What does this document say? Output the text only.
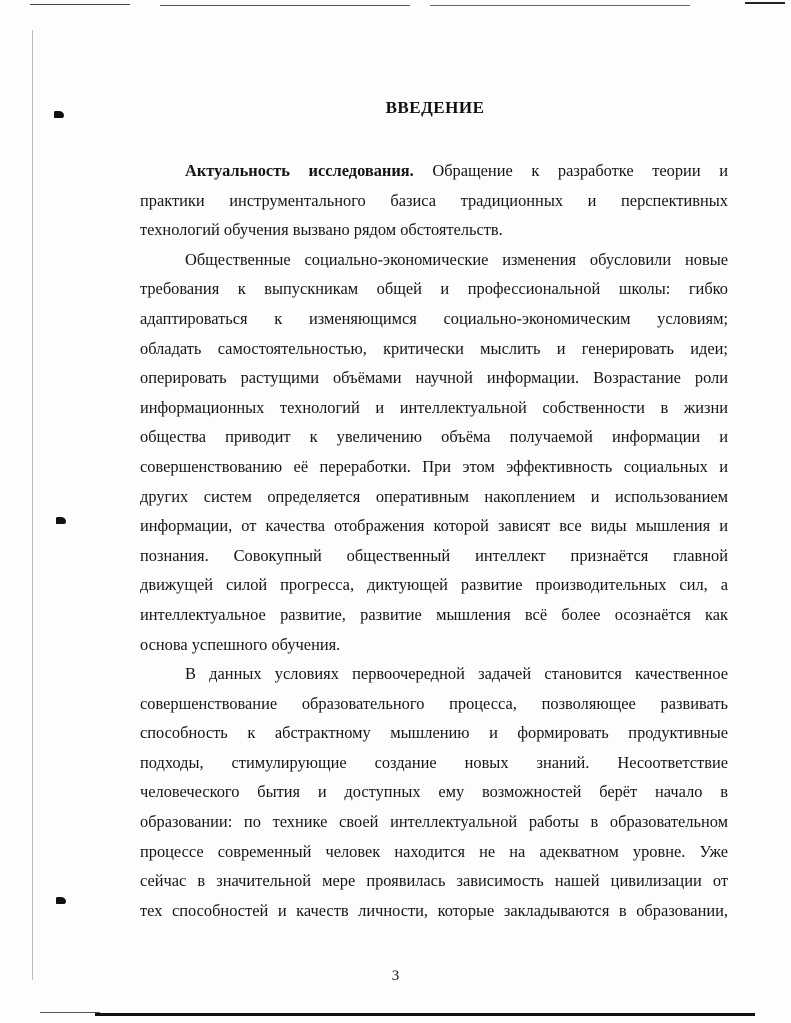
ВВЕДЕНИЕ
Актуальность исследования. Обращение к разработке теории и
практики инструментального базиса традиционных и перспективных
технологий обучения вызвано рядом обстоятельств.
Общественные социально-экономические изменения обусловили новые
требования к выпускникам общей и профессиональной школы: гибко
адаптироваться к изменяющимся социально-экономическим условиям;
обладать самостоятельностью, критически мыслить и генерировать идеи;
оперировать растущими объёмами научной информации. Возрастание роли
информационных технологий и интеллектуальной собственности в жизни
общества приводит к увеличению объёма получаемой информации и
совершенствованию её переработки. При этом эффективность социальных и
других систем определяется оперативным накоплением и использованием
информации, от качества отображения которой зависят все виды мышления и
познания. Совокупный общественный интеллект признаётся главной
движущей силой прогресса, диктующей развитие производительных сил, а
интеллектуальное развитие, развитие мышления всё более осознаётся как
основа успешного обучения.
В данных условиях первоочередной задачей становится качественное
совершенствование образовательного процесса, позволяющее развивать
способность к абстрактному мышлению и формировать продуктивные
подходы, стимулирующие создание новых знаний. Несоответствие
человеческого бытия и доступных ему возможностей берёт начало в
образовании: по технике своей интеллектуальной работы в образовательном
процессе современный человек находится не на адекватном уровне. Уже
сейчас в значительной мере проявилась зависимость нашей цивилизации от
тех способностей и качеств личности, которые закладываются в образовании,
3
